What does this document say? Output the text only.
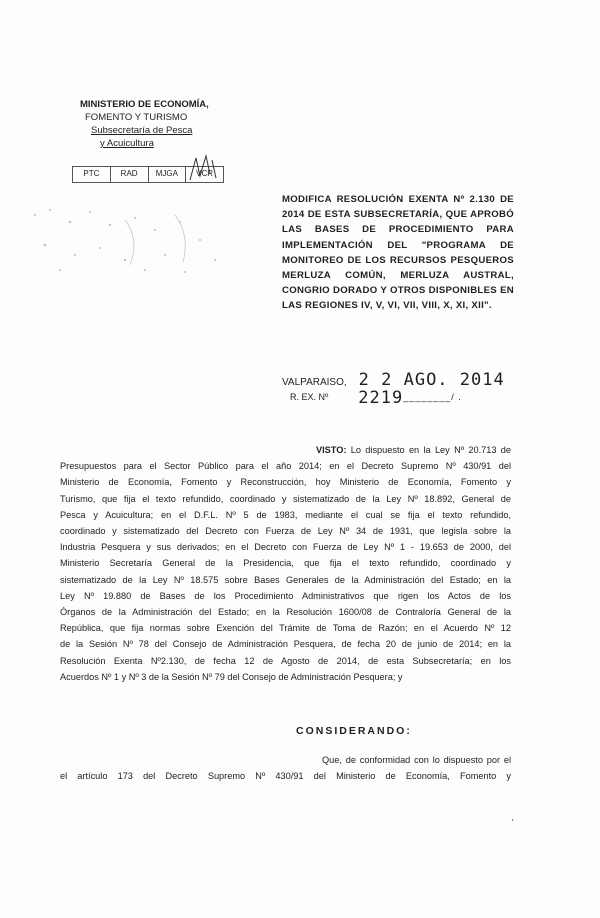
MINISTERIO DE ECONOMÍA,
FOMENTO Y TURISMO
Subsecretaría de Pesca
y Acuicultura
PTC	RAD	MJGA	VCR
MODIFICA RESOLUCIÓN EXENTA Nº 2.130 DE
2014 DE ESTA SUBSECRETARÍA, QUE APROBÓ
LAS BASES DE PROCEDIMIENTO PARA
IMPLEMENTACIÓN DEL "PROGRAMA DE
MONITOREO DE LOS RECURSOS PESQUEROS
MERLUZA COMÚN, MERLUZA AUSTRAL,
CONGRIO DORADO Y OTROS DISPONIBLES EN
LAS REGIONES IV, V, VI, VII, VIII, X, XI, XII".
VALPARAISO, 2 2 AGO. 2014
R. EX. Nº 2219________/ .
VISTO: Lo dispuesto en la Ley Nº 20.713 de
Presupuestos para el Sector Público para el año 2014; en el Decreto Supremo Nº 430/91 del
Ministerio de Economía, Fomento y Reconstrucción, hoy Ministerio de Economía, Fomento y
Turismo, que fija el texto refundido, coordinado y sistematizado de la Ley Nº 18.892, General de
Pesca y Acuicultura; en el D.F.L. Nº 5 de 1983, mediante el cual se fija el texto refundido,
coordinado y sistematizado del Decreto con Fuerza de Ley Nº 34 de 1931, que legisla sobre la
Industria Pesquera y sus derivados; en el Decreto con Fuerza de Ley Nº 1 - 19.653 de 2000, del
Ministerio Secretaría General de la Presidencia, que fija el texto refundido, coordinado y
sistematizado de la Ley Nº 18.575 sobre Bases Generales de la Administración del Estado; en la
Ley Nº 19.880 de Bases de los Procedimiento Administrativos que rigen los Actos de los
Órganos de la Administración del Estado; en la Resolución 1600/08 de Contraloría General de la
República, que fija normas sobre Exención del Trámite de Toma de Razón; en el Acuerdo Nº 12
de la Sesión Nº 78 del Consejo de Administración Pesquera, de fecha 20 de junio de 2014; en la
Resolución Exenta Nº2.130, de fecha 12 de Agosto de 2014, de esta Subsecretaría; en los
Acuerdos Nº 1 y Nº 3 de la Sesión Nº 79 del Consejo de Administración Pesquera; y
CONSIDERANDO:
Que, de conformidad con lo dispuesto por el
el artículo 173 del Decreto Supremo Nº 430/91 del Ministerio de Economía, Fomento y
'
